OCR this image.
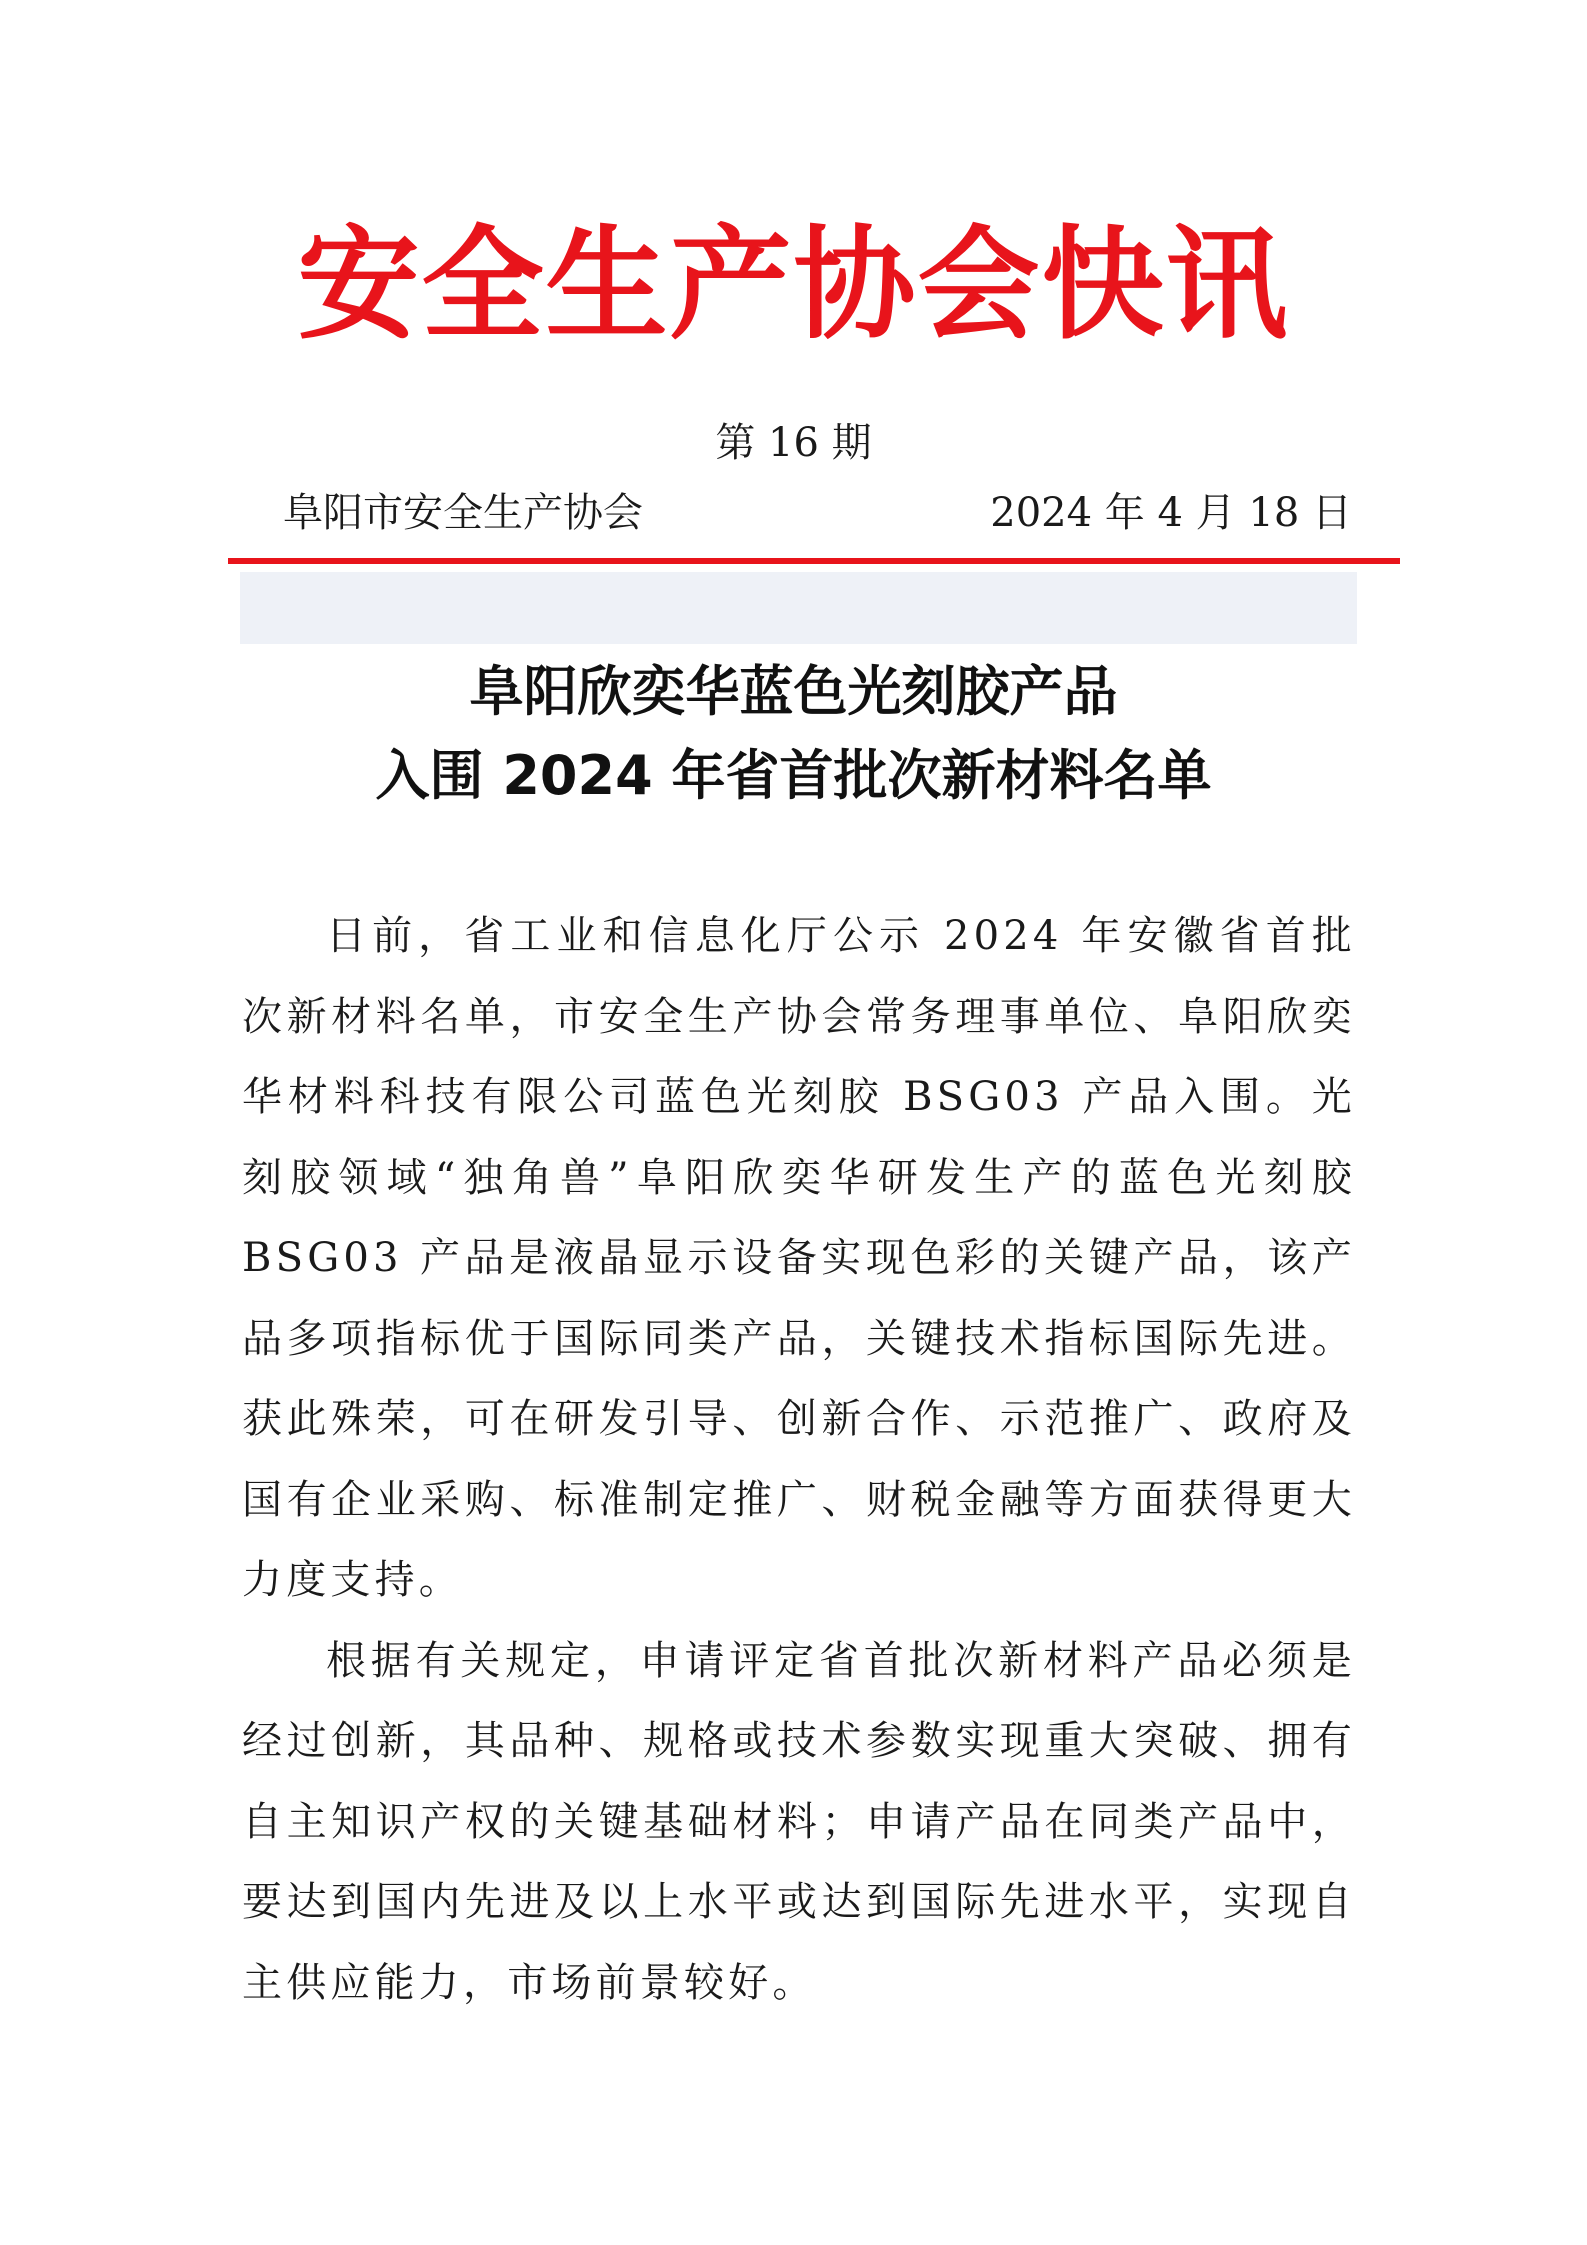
安全生产协会快讯
第 16 期
阜阳市安全生产协会	2024 年 4 月 18 日
阜阳欣奕华蓝色光刻胶产品
入围 2024 年省首批次新材料名单

日前，省工业和信息化厅公示 2024 年安徽省首批次新材料名单，市安全生产协会常务理事单位、阜阳欣奕华材料科技有限公司蓝色光刻胶 BSG03 产品入围。光刻胶领域“独角兽”阜阳欣奕华研发生产的蓝色光刻胶 BSG03 产品是液晶显示设备实现色彩的关键产品，该产品多项指标优于国际同类产品，关键技术指标国际先进。获此殊荣，可在研发引导、创新合作、示范推广、政府及国有企业采购、标准制定推广、财税金融等方面获得更大力度支持。

根据有关规定，申请评定省首批次新材料产品必须是经过创新，其品种、规格或技术参数实现重大突破、拥有自主知识产权的关键基础材料；申请产品在同类产品中，要达到国内先进及以上水平或达到国际先进水平，实现自主供应能力，市场前景较好。
